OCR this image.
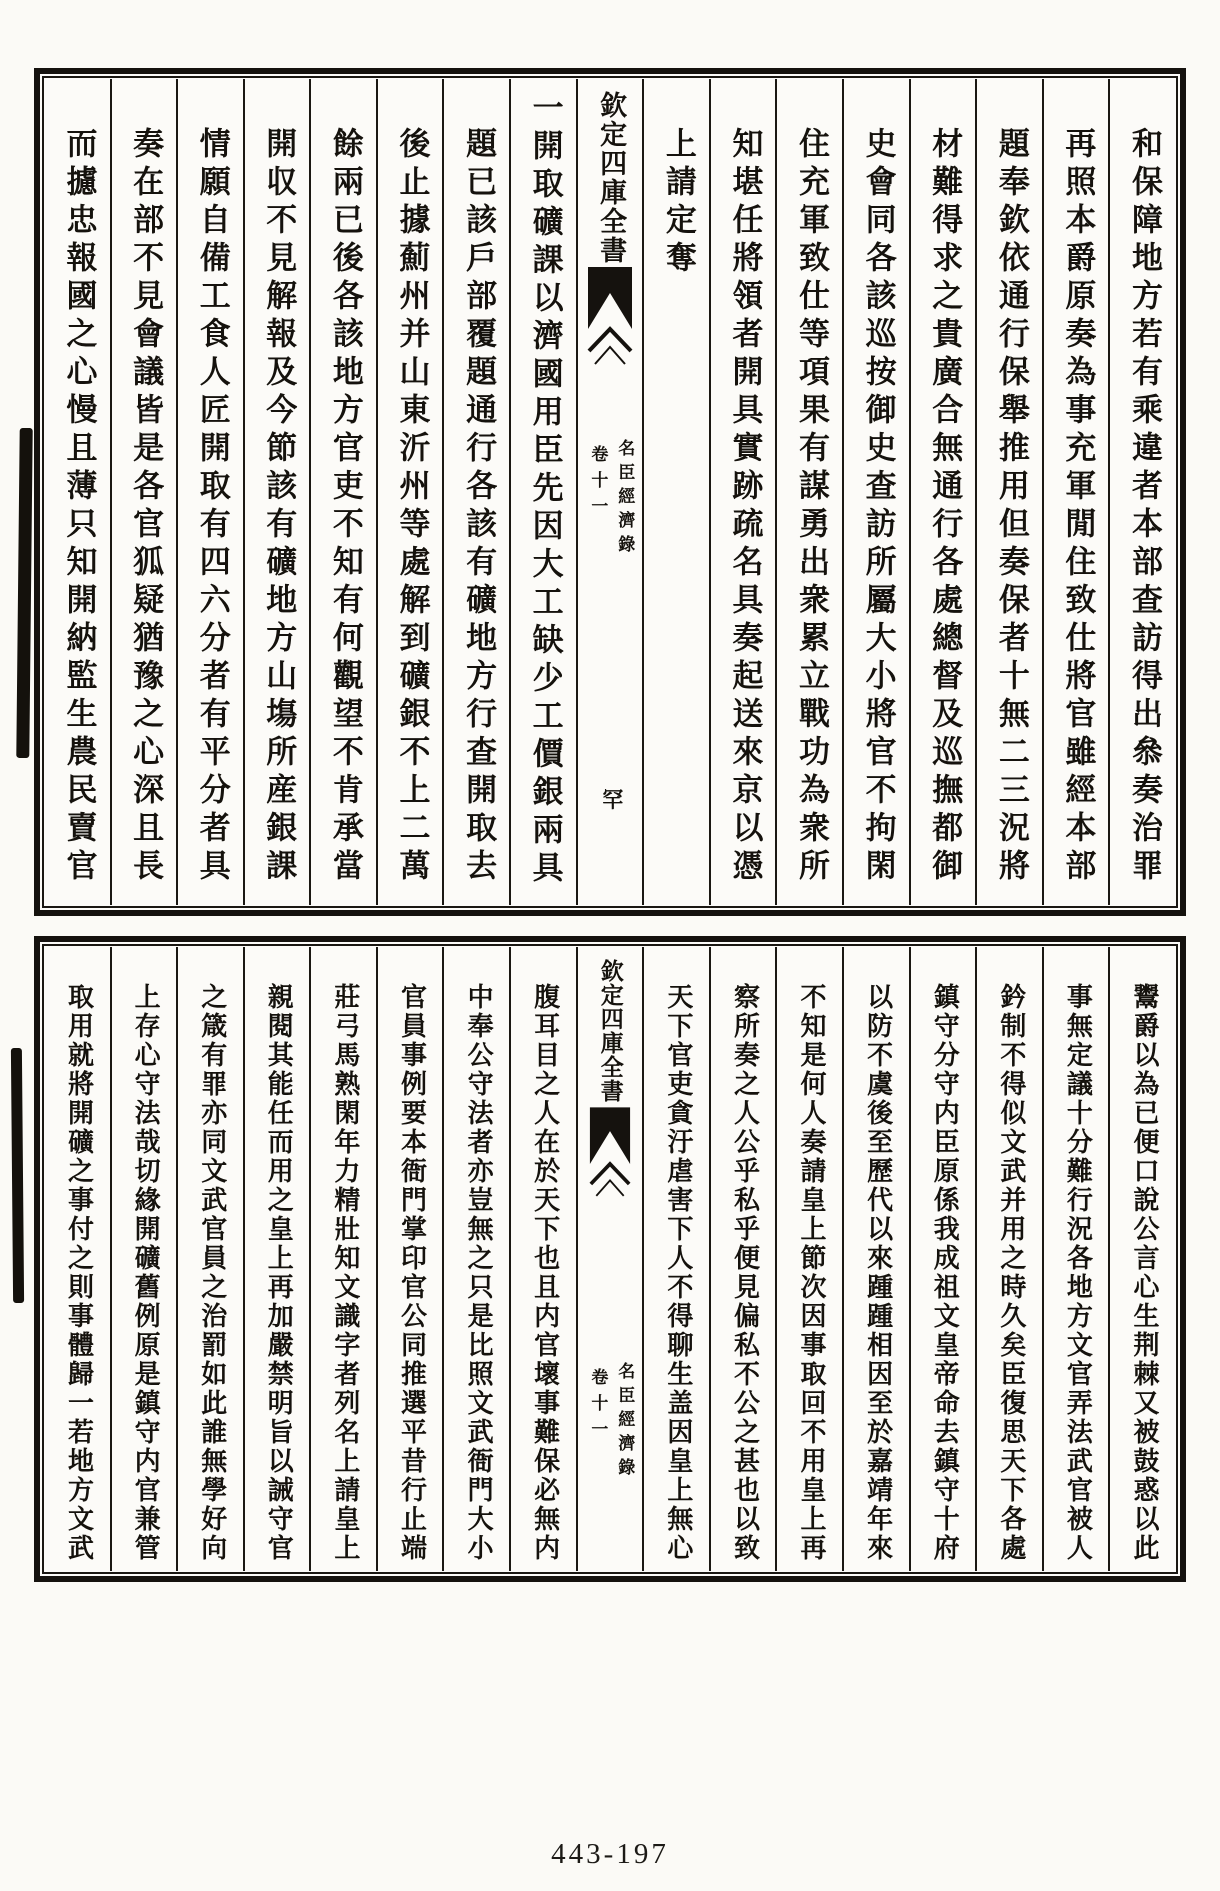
和保障地方若有乘違者本部查訪得出叅奏治罪
再照本爵原奏為事充軍閒住致仕將官雖經本部
題奉欽依通行保舉推用但奏保者十無二三況將
材難得求之貴廣合無通行各處總督及巡撫都御
史會同各該巡按御史查訪所屬大小將官不拘閑
住充軍致仕等項果有謀勇出衆累立戰功為衆所
知堪任將領者開具實跡疏名具奏起送來京以憑
上請定奪
欽定四庫全書
名臣經濟錄
卷十一
罕
一開取礦課以濟國用臣先因大工缺少工價銀兩具
題已該戶部覆題通行各該有礦地方行查開取去
後止據薊州并山東沂州等處解到礦銀不上二萬
餘兩已後各該地方官吏不知有何觀望不肯承當
開収不見解報及今節該有礦地方山塲所産銀課
情願自備工食人匠開取有四六分者有平分者具
奏在部不見會議皆是各官狐疑猶豫之心深且長
而攄忠報國之心慢且薄只知開納監生農民賣官
鬻爵以為已便口說公言心生荆棘又被鼓惑以此
事無定議十分難行況各地方文官弄法武官被人
鈐制不得似文武并用之時久矣臣復思天下各處
鎮守分守内臣原係我成祖文皇帝命去鎮守十府
以防不虞後至歷代以來踵踵相因至於嘉靖年來
不知是何人奏請皇上節次因事取回不用皇上再
察所奏之人公乎私乎便見偏私不公之甚也以致
天下官吏貪汙虐害下人不得聊生盖因皇上無心
欽定四庫全書
名臣經濟錄
卷十一
腹耳目之人在於天下也且内官壞事難保必無内
中奉公守法者亦豈無之只是比照文武衙門大小
官員事例要本衙門掌印官公同推選平昔行止端
莊弓馬熟閑年力精壯知文識字者列名上請皇上
親閱其能任而用之皇上再加嚴禁明旨以誡守官
之箴有罪亦同文武官員之治罰如此誰無學好向
上存心守法哉切緣開礦舊例原是鎮守内官兼管
取用就將開礦之事付之則事體歸一若地方文武
443-197
